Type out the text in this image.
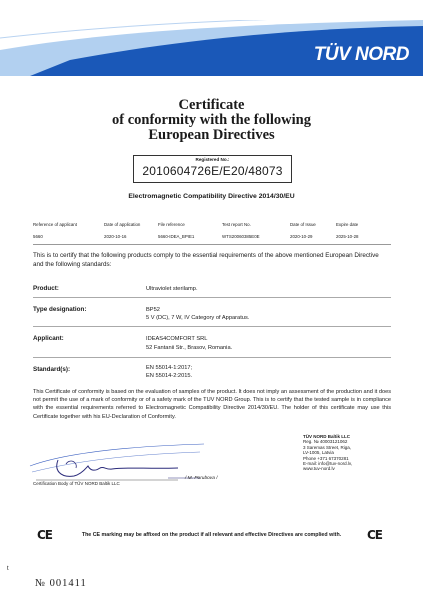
TÜV NORD
Certificate
of conformity with the following
European Directives
Registered No.:
2010604726E/E20/48073
Electromagnetic Compatibility Directive 2014/30/EU
Reference of applicant	Date of application	File reference	Test report No.	Date of Issue	Expire date
5660	2020-10-16	5660-IDEA_BPIE1	WTS20060385E0E	2020-10-29	2025-10-28
This is to certify that the following products comply to the essential requirements of the above mentioned European Directive and the following standards:
Product:	Ultraviolet sterilamp.
Type designation:	BP52
5 V (DC), 7 W, IV Category of Apparatus.
Applicant:	IDEAS4COMFORT SRL
52 Fantanii Str., Brasov, Romania.
Standard(s):	EN 55014-1:2017;
EN 55014-2:2015.
This Certificate of conformity is based on the evaluation of samples of the product. It does not imply an assessment of the production and it does not permit the use of a mark of conformity or of a safety mark of the TUV NORD Group. This is to certify that the tested sample is in compliance with the essential requirements referred to Electromagnetic Compatibility Directive 2014/30/EU. The holder of this certificate may use this Certificate together with his EU-Declaration of Conformity.
/ M. Porubova /
Certification Body of TÜV NORD Baltik LLC
TÜV NORD Baltik LLC
Reg. № 40003121062
3 Saremas Street, Riga,
LV-1005, Latvia
Phone +371 67370281
E-mail: info@tuv-nord.lv,
www.tuv-nord.lv
CE	The CE marking may be affixed on the product if all relevant and effective Directives are complied with.	CE
t
№ 001411
